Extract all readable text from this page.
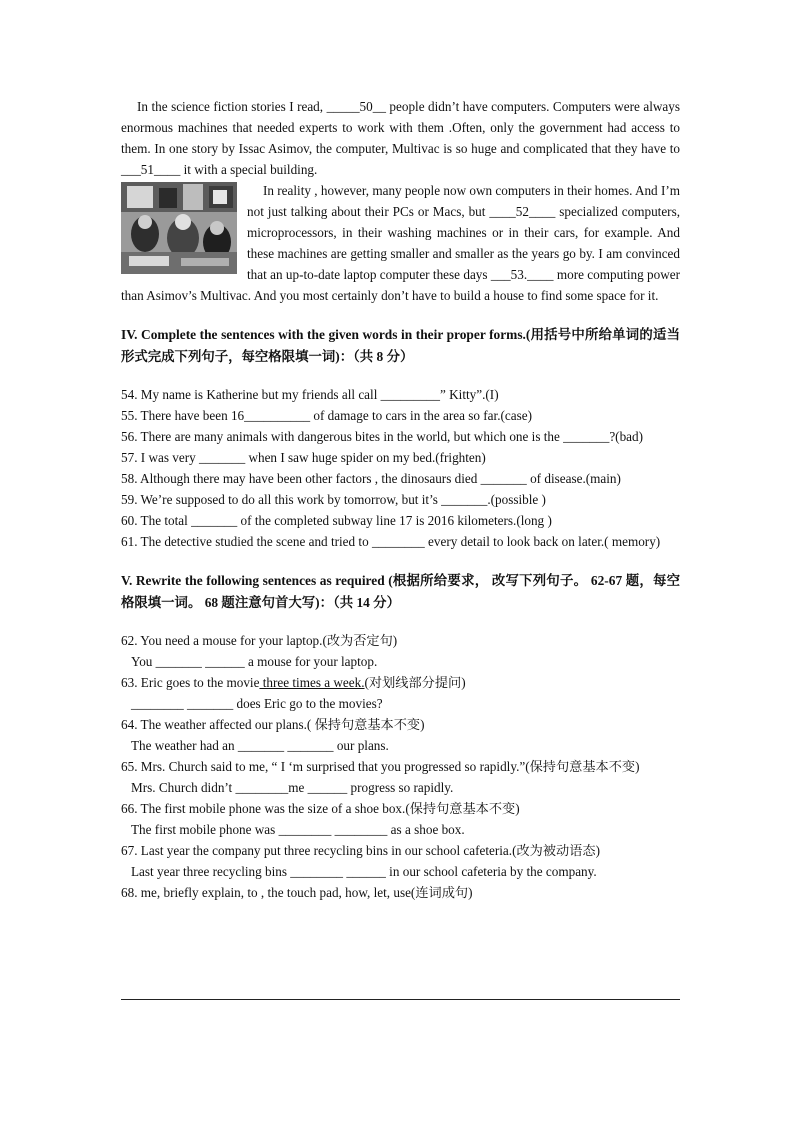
In the science fiction stories I read, _____50__ people didn’t have computers. Computers were always enormous machines that needed experts to work with them .Often, only the government had access to them. In one story by Issac Asimov, the computer, Multivac is so huge and complicated that they have to ___51____ it with a special building.

In reality , however, many people now own computers in their homes. And I’m not just talking about their PCs or Macs, but ____52____ specialized computers, microprocessors, in their washing machines or in their cars, for example. And these machines are getting smaller and smaller as the years go by. I am convinced that an up-to-date laptop computer these days ___53.____ more computing power than Asimov’s Multivac. And you most certainly don’t have to build a house to find some space for it.

IV. Complete the sentences with the given words in their proper forms.(用括号中所给单词的适当形式完成下列句子，每空格限填一词)：（共 8 分）

54. My name is Katherine but my friends all call _________” Kitty”.(I)

55. There have been 16__________ of damage to cars in the area so far.(case)

56. There are many animals with dangerous bites in the world, but which one is the _______?(bad)

57. I was very _______ when I saw huge spider on my bed.(frighten)

58. Although there may have been other factors , the dinosaurs died _______ of disease.(main)

59. We’re supposed to do all this work by tomorrow, but it’s _______.(possible )

60. The total _______ of the completed subway line 17 is 2016 kilometers.(long )

61. The detective studied the scene and tried to ________ every detail to look back on later.( memory)

V. Rewrite the following sentences as required (根据所给要求， 改写下列句子。 62-67 题，每空格限填一词。 68 题注意句首大写)：（共 14 分）

62. You need a mouse for your laptop.(改为否定句)

You _______ ______ a mouse for your laptop.

63. Eric goes to the movie three times a week.(对划线部分提问)

________ _______ does Eric go to the movies?

64. The weather affected our plans.( 保持句意基本不变)

The weather had an _______ _______ our plans.

65. Mrs. Church said to me, “ I ‘m surprised that you progressed so rapidly.”(保持句意基本不变)

Mrs. Church didn’t ________me ______ progress so rapidly.

66. The first mobile phone was the size of a shoe box.(保持句意基本不变)

The first mobile phone was ________ ________ as a shoe box.

67. Last year the company put three recycling bins in our school cafeteria.(改为被动语态)

Last year three recycling bins ________ ______ in our school cafeteria by the company.

68. me, briefly explain, to , the touch pad, how, let, use(连词成句)
